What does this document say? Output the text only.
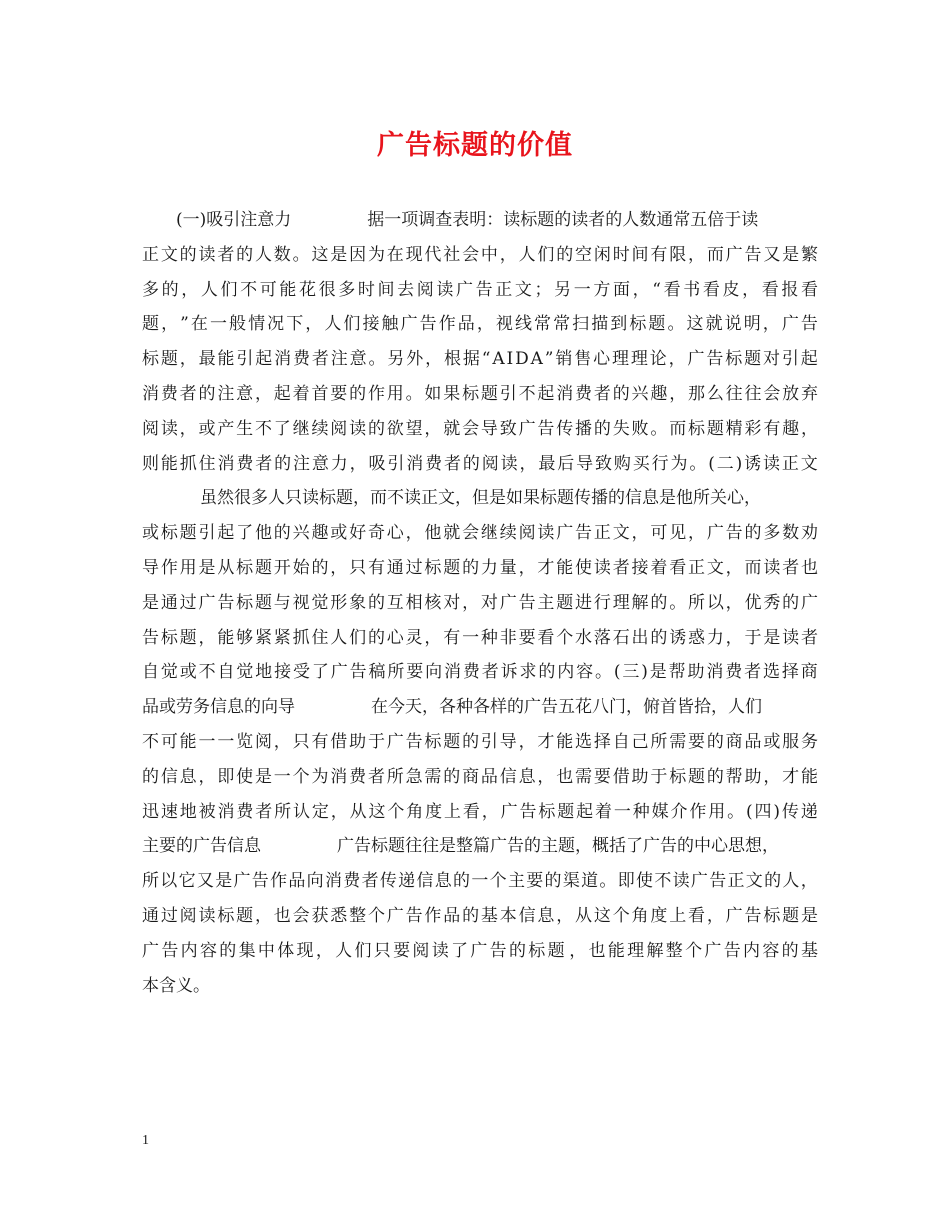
广告标题的价值
(一)吸引注意力	据一项调查表明：读标题的读者的人数通常五倍于读
正 文 的 读 者 的 人 数 。 这 是 因 为 在 现 代 社 会 中 ， 人 们 的 空 闲 时 间 有 限 ， 而 广 告 又 是 繁
多 的 ， 人 们 不 可 能 花 很 多 时 间 去 阅 读 广 告 正 文 ； 另 一 方 面 ， “ 看 书 看 皮 ， 看 报 看
题 ， ” 在 一 般 情 况 下 ， 人 们 接 触 广 告 作 品 ， 视 线 常 常 扫 描 到 标 题 。 这 就 说 明 ， 广 告
标 题 ， 最 能 引 起 消 费 者 注 意 。 另 外 ， 根 据 “ A I D A ” 销 售 心 理 理 论 ， 广 告 标 题 对 引 起
消 费 者 的 注 意 ， 起 着 首 要 的 作 用 。 如 果 标 题 引 不 起 消 费 者 的 兴 趣 ， 那 么 往 往 会 放 弃
阅 读 ， 或 产 生 不 了 继 续 阅 读 的 欲 望 ， 就 会 导 致 广 告 传 播 的 失 败 。 而 标 题 精 彩 有 趣 ，
则 能 抓 住 消 费 者 的 注 意 力 ， 吸 引 消 费 者 的 阅 读 ， 最 后 导 致 购 买 行 为 。 ( 二 ) 诱 读 正 文
虽然很多人只读标题，而不读正文，但是如果标题传播的信息是他所关心，
或 标 题 引 起 了 他 的 兴 趣 或 好 奇 心 ， 他 就 会 继 续 阅 读 广 告 正 文 ， 可 见 ， 广 告 的 多 数 劝
导 作 用 是 从 标 题 开 始 的 ， 只 有 通 过 标 题 的 力 量 ， 才 能 使 读 者 接 着 看 正 文 ， 而 读 者 也
是 通 过 广 告 标 题 与 视 觉 形 象 的 互 相 核 对 ， 对 广 告 主 题 进 行 理 解 的 。 所 以 ， 优 秀 的 广
告 标 题 ， 能 够 紧 紧 抓 住 人 们 的 心 灵 ， 有 一 种 非 要 看 个 水 落 石 出 的 诱 惑 力 ， 于 是 读 者
自 觉 或 不 自 觉 地 接 受 了 广 告 稿 所 要 向 消 费 者 诉 求 的 内 容 。 ( 三 ) 是 帮 助 消 费 者 选 择 商
品或劳务信息的向导	在今天，各种各样的广告五花八门，俯首皆拾，人们
不 可 能 一 一 览 阅 ， 只 有 借 助 于 广 告 标 题 的 引 导 ， 才 能 选 择 自 己 所 需 要 的 商 品 或 服 务
的 信 息 ， 即 使 是 一 个 为 消 费 者 所 急 需 的 商 品 信 息 ， 也 需 要 借 助 于 标 题 的 帮 助 ， 才 能
迅 速 地 被 消 费 者 所 认 定 ， 从 这 个 角 度 上 看 ， 广 告 标 题 起 着 一 种 媒 介 作 用 。 ( 四 ) 传 递
主要的广告信息	广告标题往往是整篇广告的主题，概括了广告的中心思想，
所 以 它 又 是 广 告 作 品 向 消 费 者 传 递 信 息 的 一 个 主 要 的 渠 道 。 即 使 不 读 广 告 正 文 的 人 ，
通 过 阅 读 标 题 ， 也 会 获 悉 整 个 广 告 作 品 的 基 本 信 息 ， 从 这 个 角 度 上 看 ， 广 告 标 题 是
广 告 内 容 的 集 中 体 现 ， 人 们 只 要 阅 读 了 广 告 的 标 题 ， 也 能 理 解 整 个 广 告 内 容 的 基
本含义。
1
